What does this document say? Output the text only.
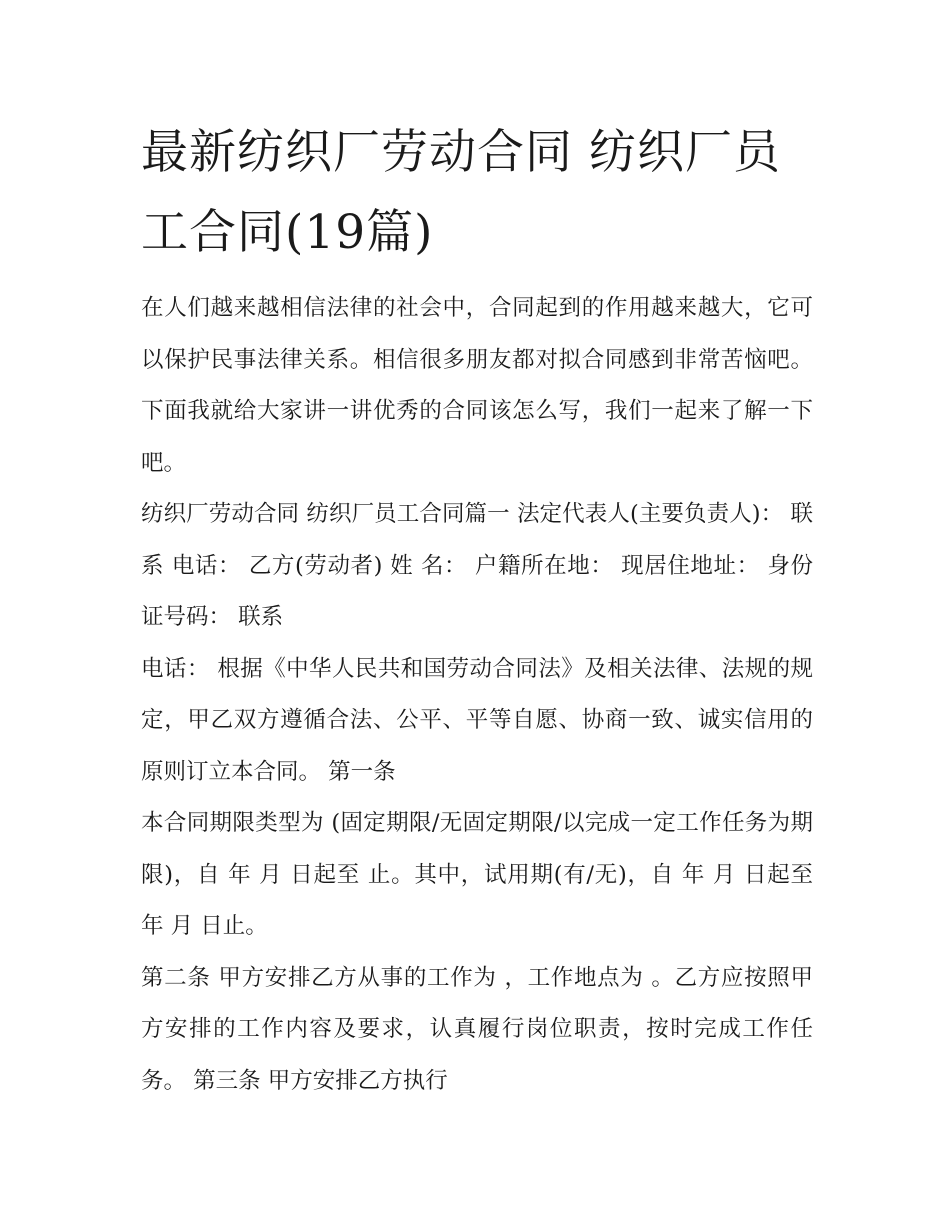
最新纺织厂劳动合同 纺织厂员工合同(19篇)

在人们越来越相信法律的社会中，合同起到的作用越来越大，它可以保护民事法律关系。相信很多朋友都对拟合同感到非常苦恼吧。下面我就给大家讲一讲优秀的合同该怎么写，我们一起来了解一下吧。

纺织厂劳动合同 纺织厂员工合同篇一 法定代表人(主要负责人)： 联系 电话： 乙方(劳动者) 姓 名： 户籍所在地： 现居住地址： 身份证号码： 联系

电话： 根据《中华人民共和国劳动合同法》及相关法律、法规的规定，甲乙双方遵循合法、公平、平等自愿、协商一致、诚实信用的原则订立本合同。 第一条

本合同期限类型为 (固定期限/无固定期限/以完成一定工作任务为期限)，自 年 月 日起至 止。其中，试用期(有/无)，自 年 月 日起至 年 月 日止。

第二条 甲方安排乙方从事的工作为 ，工作地点为 。乙方应按照甲方安排的工作内容及要求，认真履行岗位职责，按时完成工作任务。 第三条 甲方安排乙方执行
